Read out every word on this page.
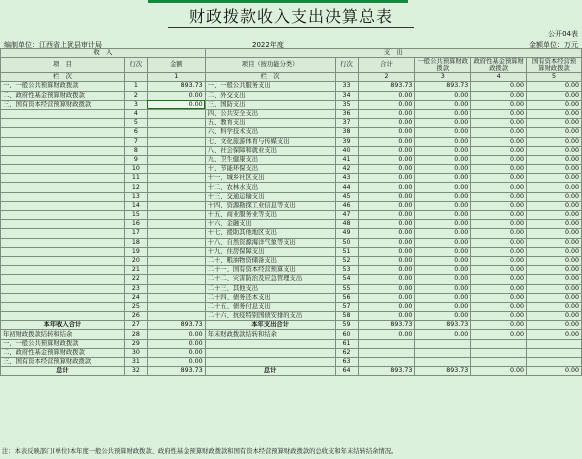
财政拨款收入支出决算总表
公开04表
编制单位：江西省上犹县审计局	2022年度	金额单位：万元
收　入			支　出					
项　目	行次	金额	项目（按功能分类）	行次	合计	一般公共预算财政拨款	政府性基金预算财政拨款	国有资本经营预算财政拨款

栏　次		1	栏　次		2	3	4	5
一、一般公共预算财政拨款	1	893.73	一、一般公共服务支出	33	893.73	893.73	0.00	0.00
二、政府性基金预算财政拨款	2	0.00	二、外交支出	34	0.00	0.00	0.00	0.00
三、国有资本经营预算财政拨款	3	0.00	三、国防支出	35	0.00	0.00	0.00	0.00
	4		四、公共安全支出	36	0.00	0.00	0.00	0.00
	5		五、教育支出	37	0.00	0.00	0.00	0.00
	6		六、科学技术支出	38	0.00	0.00	0.00	0.00
	7		七、文化旅游体育与传媒支出	39	0.00	0.00	0.00	0.00
	8		八、社会保障和就业支出	40	0.00	0.00	0.00	0.00
	9		九、卫生健康支出	41	0.00	0.00	0.00	0.00
	10		十、节能环保支出	42	0.00	0.00	0.00	0.00
	11		十一、城乡社区支出	43	0.00	0.00	0.00	0.00
	12		十二、农林水支出	44	0.00	0.00	0.00	0.00
	13		十三、交通运输支出	45	0.00	0.00	0.00	0.00
	14		十四、资源勘探工业信息等支出	46	0.00	0.00	0.00	0.00
	15		十五、商业服务业等支出	47	0.00	0.00	0.00	0.00
	16		十六、金融支出	48	0.00	0.00	0.00	0.00
	17		十七、援助其他地区支出	49	0.00	0.00	0.00	0.00
	18		十八、自然资源海洋气象等支出	50	0.00	0.00	0.00	0.00
	19		十九、住房保障支出	51	0.00	0.00	0.00	0.00
	20		二十、粮油物资储备支出	52	0.00	0.00	0.00	0.00
	21		二十一、国有资本经营预算支出	53	0.00	0.00	0.00	0.00
	22		二十二、灾害防治及应急管理支出	54	0.00	0.00	0.00	0.00
	23		二十三、其他支出	55	0.00	0.00	0.00	0.00
	24		二十四、债务还本支出	56	0.00	0.00	0.00	0.00
	25		二十五、债务付息支出	57	0.00	0.00	0.00	0.00
	26		二十六、抗疫特别国债安排的支出	58	0.00	0.00	0.00	0.00
本年收入合计	27	893.73	本年支出合计	59	893.73	893.73	0.00	0.00
年初财政拨款结转和结余	28	0.00	年末财政拨款结转和结余	60	0.00	0.00	0.00	0.00
一、一般公共预算财政拨款	29	0.00		61				
二、政府性基金预算财政拨款	30	0.00		62				
三、国有资本经营预算财政拨款	31	0.00		63				
总计	32	893.73	总计	64	893.73	893.73	0.00	0.00
注：本表反映部门(单位)本年度一般公共预算财政拨款、政府性基金预算财政拨款和国有资本经营预算财政拨款的总收支和年末结转结余情况。
